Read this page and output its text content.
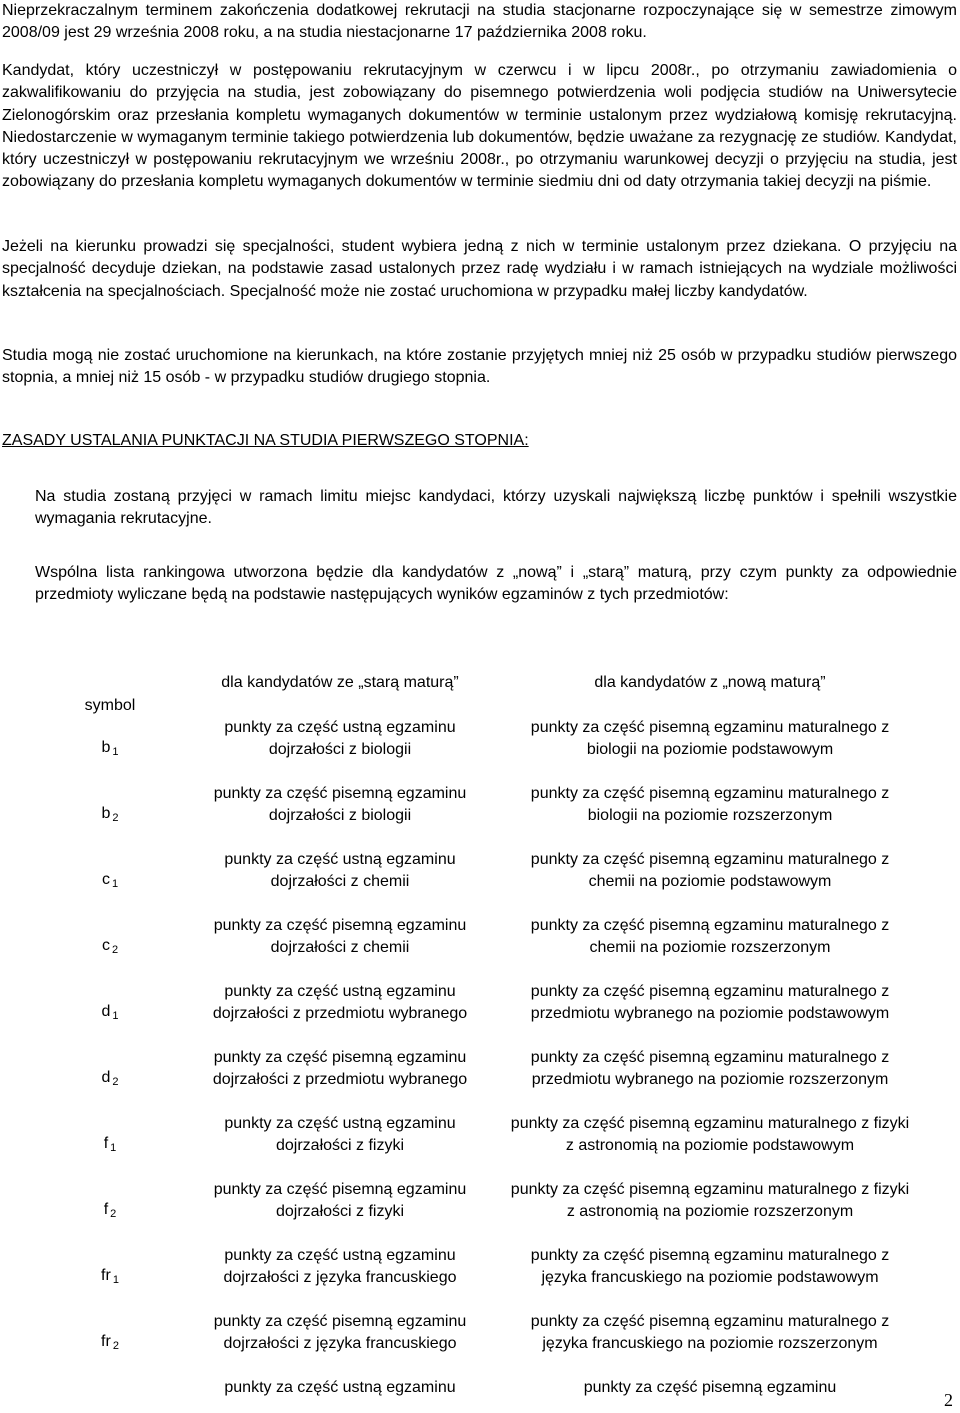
Nieprzekraczalnym terminem zakończenia dodatkowej rekrutacji na studia stacjonarne rozpoczynające się w semestrze zimowym 2008/09 jest 29 września 2008 roku, a na studia niestacjonarne 17 października 2008 roku.

Kandydat, który uczestniczył w postępowaniu rekrutacyjnym w czerwcu i w lipcu 2008r., po otrzymaniu zawiadomienia o zakwalifikowaniu do przyjęcia na studia, jest zobowiązany do pisemnego potwierdzenia woli podjęcia studiów na Uniwersytecie Zielonogórskim oraz przesłania kompletu wymaganych dokumentów w terminie ustalonym przez wydziałową komisję rekrutacyjną. Niedostarczenie w wymaganym terminie takiego potwierdzenia lub dokumentów, będzie uważane za rezygnację ze studiów. Kandydat, który uczestniczył w postępowaniu rekrutacyjnym we wrześniu 2008r., po otrzymaniu warunkowej decyzji o przyjęciu na studia, jest zobowiązany do przesłania kompletu wymaganych dokumentów w terminie siedmiu dni od daty otrzymania takiej decyzji na piśmie.

Jeżeli na kierunku prowadzi się specjalności, student wybiera jedną z nich w terminie ustalonym przez dziekana. O przyjęciu na specjalność decyduje dziekan, na podstawie zasad ustalonych przez radę wydziału i w ramach istniejących na wydziale możliwości kształcenia na specjalnościach. Specjalność może nie zostać uruchomiona w przypadku małej liczby kandydatów.

Studia mogą nie zostać uruchomione na kierunkach, na które zostanie przyjętych mniej niż 25 osób w przypadku studiów pierwszego stopnia, a mniej niż 15 osób - w przypadku studiów drugiego stopnia.

ZASADY USTALANIA PUNKTACJI NA STUDIA PIERWSZEGO STOPNIA:

Na studia zostaną przyjęci w ramach limitu miejsc kandydaci, którzy uzyskali największą liczbę punktów i spełnili wszystkie wymagania rekrutacyjne.

Wspólna lista rankingowa utworzona będzie dla kandydatów z „nową” i „starą” maturą, przy czym punkty za odpowiednie przedmioty wyliczane będą na podstawie następujących wyników egzaminów z tych przedmiotów:

symbol	dla kandydatów ze „starą maturą”	dla kandydatów z „nową maturą”
b $_1$	punkty za część ustną egzaminu dojrzałości z biologii	punkty za część pisemną egzaminu maturalnego z biologii na poziomie podstawowym
b $_2$	punkty za część pisemną egzaminu dojrzałości z biologii	punkty za część pisemną egzaminu maturalnego z biologii na poziomie rozszerzonym
c $_1$	punkty za część ustną egzaminu dojrzałości z chemii	punkty za część pisemną egzaminu maturalnego z chemii na poziomie podstawowym
c $_2$	punkty za część pisemną egzaminu dojrzałości z chemii	punkty za część pisemną egzaminu maturalnego z chemii na poziomie rozszerzonym
d $_1$	punkty za część ustną egzaminu dojrzałości z przedmiotu wybranego	punkty za część pisemną egzaminu maturalnego z przedmiotu wybranego na poziomie podstawowym
d $_2$	punkty za część pisemną egzaminu dojrzałości z przedmiotu wybranego	punkty za część pisemną egzaminu maturalnego z przedmiotu wybranego na poziomie rozszerzonym
f $_1$	punkty za część ustną egzaminu dojrzałości z fizyki	punkty za część pisemną egzaminu maturalnego z fizyki z astronomią na poziomie podstawowym
f $_2$	punkty za część pisemną egzaminu dojrzałości z fizyki	punkty za część pisemną egzaminu maturalnego z fizyki z astronomią na poziomie rozszerzonym
fr $_1$	punkty za część ustną egzaminu dojrzałości z języka francuskiego	punkty za część pisemną egzaminu maturalnego z języka francuskiego na poziomie podstawowym
fr $_2$	punkty za część pisemną egzaminu dojrzałości z języka francuskiego	punkty za część pisemną egzaminu maturalnego z języka francuskiego na poziomie rozszerzonym
	punkty za część ustną egzaminu	punkty za część pisemną egzaminu
2
